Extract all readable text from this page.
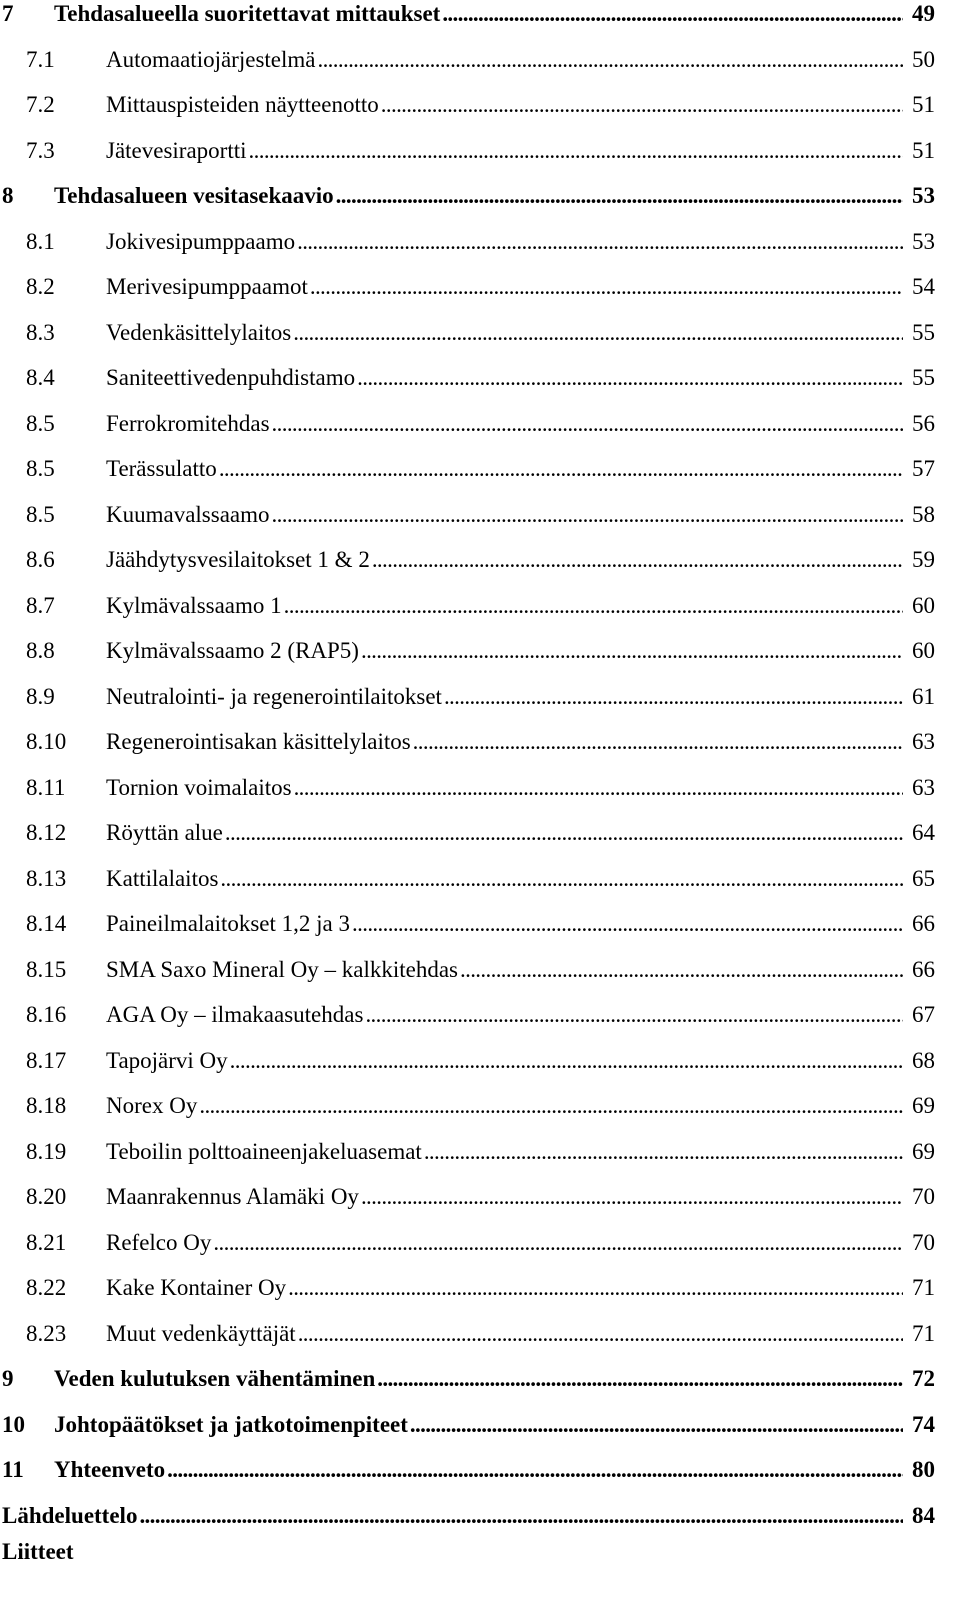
7	Tehdasalueella suoritettavat mittaukset . . .	49
7.1	Automaatiojärjestelmä . . .	50
7.2	Mittauspisteiden näytteenotto . . .	51
7.3	Jätevesiraportti . . .	51
8	Tehdasalueen vesitasekaavio . . .	53
8.1	Jokivesipumppaamo . . .	53
8.2	Merivesipumppaamot . . .	54
8.3	Vedenkäsittelylaitos . . .	55
8.4	Saniteettivedenpuhdistamo . . .	55
8.5	Ferrokromitehdas . . .	56
8.5	Terässulatto . . .	57
8.5	Kuumavalssaamo . . .	58
8.6	Jäähdytysvesilaitokset 1 & 2 . . .	59
8.7	Kylmävalssaamo 1 . . .	60
8.8	Kylmävalssaamo 2 (RAP5) . . .	60
8.9	Neutralointi- ja regenerointilaitokset . . .	61
8.10	Regenerointisakan käsittelylaitos . . .	63
8.11	Tornion voimalaitos . . .	63
8.12	Röyttän alue . . .	64
8.13	Kattilalaitos . . .	65
8.14	Paineilmalaitokset 1,2 ja 3 . . .	66
8.15	SMA Saxo Mineral Oy – kalkkitehdas . . .	66
8.16	AGA Oy – ilmakaasutehdas . . .	67
8.17	Tapojärvi Oy . . .	68
8.18	Norex Oy . . .	69
8.19	Teboilin polttoaineenjakeluasemat . . .	69
8.20	Maanrakennus Alamäki Oy . . .	70
8.21	Refelco Oy . . .	70
8.22	Kake Kontainer Oy . . .	71
8.23	Muut vedenkäyttäjät . . .	71
9	Veden kulutuksen vähentäminen . . .	72
10	Johtopäätökset ja jatkotoimenpiteet . . .	74
11	Yhteenveto . . .	80
Lähdeluettelo . . .	84
Liitteet
